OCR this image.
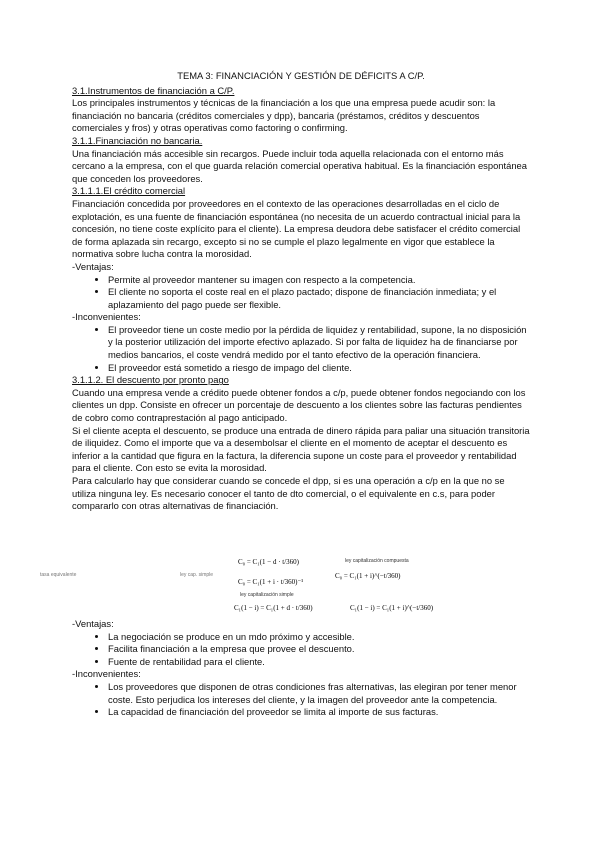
TEMA 3: FINANCIACIÓN Y GESTIÓN DE DÉFICITS A C/P.
3.1.Instrumentos de financiación a C/P.

Los principales instrumentos y técnicas de la financiación a los que una empresa puede acudir son: la financiación no bancaria (créditos comerciales y dpp), bancaria (préstamos, créditos y descuentos comerciales y fros) y otras operativas como factoring o confirming.

3.1.1.Financiación no bancaria.

Una financiación más accesible sin recargos. Puede incluir toda aquella relacionada con el entorno más cercano a la empresa, con el que guarda relación comercial operativa habitual. Es la financiación espontánea que conceden los proveedores.

3.1.1.1.El crédito comercial

Financiación concedida por proveedores en el contexto de las operaciones desarrolladas en el ciclo de explotación, es una fuente de financiación espontánea (no necesita de un acuerdo contractual inicial para la concesión, no tiene coste explícito para el cliente). La empresa deudora debe satisfacer el crédito comercial de forma aplazada sin recargo, excepto si no se cumple el plazo legalmente en vigor que establece la normativa sobre lucha contra la morosidad.

-Ventajas:

• Permite al proveedor mantener su imagen con respecto a la competencia.
• El cliente no soporta el coste real en el plazo pactado; dispone de financiación inmediata; y el aplazamiento del pago puede ser flexible.

-Inconvenientes:

• El proveedor tiene un coste medio por la pérdida de liquidez y rentabilidad, supone, la no disposición y la posterior utilización del importe efectivo aplazado. Si por falta de liquidez ha de financiarse por medios bancarios, el coste vendrá medido por el tanto efectivo de la operación financiera.
• El proveedor está sometido a riesgo de impago del cliente.
3.1.1.2. El descuento por pronto pago

Cuando una empresa vende a crédito puede obtener fondos a c/p, puede obtener fondos negociando con los clientes un dpp. Consiste en ofrecer un porcentaje de descuento a los clientes sobre las facturas pendientes de cobro como contraprestación al pago anticipado.

Si el cliente acepta el descuento, se produce una entrada de dinero rápida para paliar una situación transitoria de iliquidez. Como el importe que va a desembolsar el cliente en el momento de aceptar el descuento es inferior a la cantidad que figura en la factura, la diferencia supone un coste para el proveedor y rentabilidad para el cliente. Con esto se evita la morosidad.

Para calcularlo hay que considerar cuando se concede el dpp, si es una operación a c/p en la que no se utiliza ninguna ley. Es necesario conocer el tanto de dto comercial, o el equivalente en c.s, para poder compararlo con otras alternativas de financiación.

tasa equivalente	ley cap. simple
C₀ = C₁(1 − d · t/360)
C₀ = C₁(1 + i · t/360)⁻¹
ley capitalización compuesta
C₀ = C₁(1 + i)^(−t/360)
C₁(1 − i) = C₁(1 + d · t/360)	C₁(1 − i) = C₁(1 + i)^(−t/360)
ley capitalización simple

-Ventajas:

• La negociación se produce en un mdo próximo y accesible.
• Facilita financiación a la empresa que provee el descuento.
• Fuente de rentabilidad para el cliente.

-Inconvenientes:

• Los proveedores que disponen de otras condiciones fras alternativas, las elegiran por tener menor coste. Esto perjudica los intereses del cliente, y la imagen del proveedor ante la competencia.
• La capacidad de financiación del proveedor se limita al importe de sus facturas.
